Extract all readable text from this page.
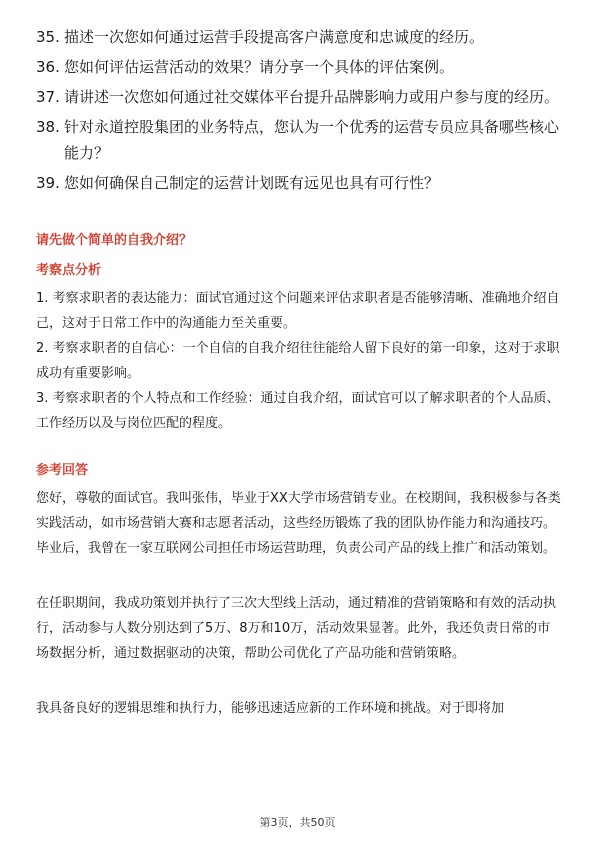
35. 描述一次您如何通过运营手段提高客户满意度和忠诚度的经历。
36. 您如何评估运营活动的效果？请分享一个具体的评估案例。
37. 请讲述一次您如何通过社交媒体平台提升品牌影响力或用户参与度的经历。
38. 针对永道控股集团的业务特点，您认为一个优秀的运营专员应具备哪些核心能力？
39. 您如何确保自己制定的运营计划既有远见也具有可行性？
请先做个简单的自我介绍？
考察点分析
1. 考察求职者的表达能力：面试官通过这个问题来评估求职者是否能够清晰、准确地介绍自己，这对于日常工作中的沟通能力至关重要。
2. 考察求职者的自信心：一个自信的自我介绍往往能给人留下良好的第一印象，这对于求职成功有重要影响。
3. 考察求职者的个人特点和工作经验：通过自我介绍，面试官可以了解求职者的个人品质、工作经历以及与岗位匹配的程度。
参考回答
您好，尊敬的面试官。我叫张伟，毕业于XX大学市场营销专业。在校期间，我积极参与各类实践活动，如市场营销大赛和志愿者活动，这些经历锻炼了我的团队协作能力和沟通技巧。毕业后，我曾在一家互联网公司担任市场运营助理，负责公司产品的线上推广和活动策划。
在任职期间，我成功策划并执行了三次大型线上活动，通过精准的营销策略和有效的活动执行，活动参与人数分别达到了5万、8万和10万，活动效果显著。此外，我还负责日常的市场数据分析，通过数据驱动的决策，帮助公司优化了产品功能和营销策略。
我具备良好的逻辑思维和执行力，能够迅速适应新的工作环境和挑战。对于即将加
第3页，共50页
